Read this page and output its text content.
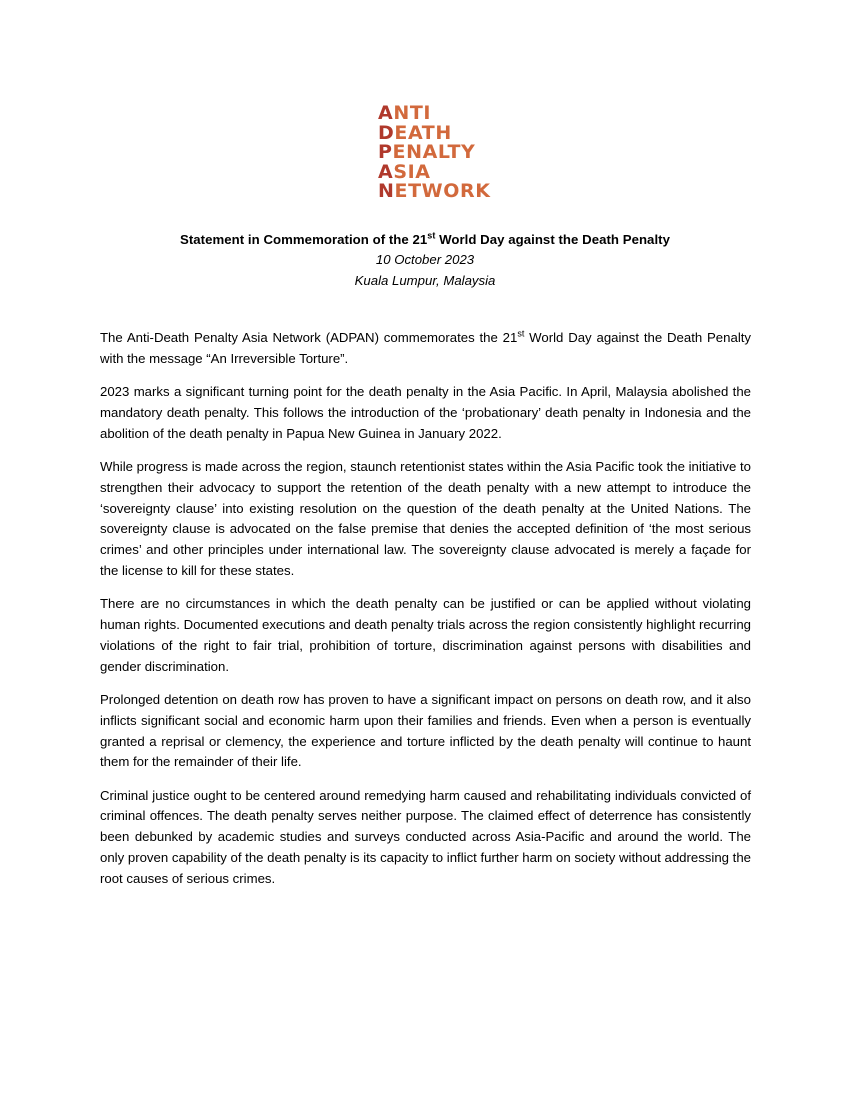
ANTI
DEATH
PENALTY
ASIA
NETWORK
Statement in Commemoration of the 21st World Day against the Death Penalty
10 October 2023
Kuala Lumpur, Malaysia

The Anti-Death Penalty Asia Network (ADPAN) commemorates the 21st World Day against the Death Penalty with the message “An Irreversible Torture”.

2023 marks a significant turning point for the death penalty in the Asia Pacific. In April, Malaysia abolished the mandatory death penalty. This follows the introduction of the ‘probationary’ death penalty in Indonesia and the abolition of the death penalty in Papua New Guinea in January 2022.

While progress is made across the region, staunch retentionist states within the Asia Pacific took the initiative to strengthen their advocacy to support the retention of the death penalty with a new attempt to introduce the ‘sovereignty clause’ into existing resolution on the question of the death penalty at the United Nations. The sovereignty clause is advocated on the false premise that denies the accepted definition of ‘the most serious crimes’ and other principles under international law. The sovereignty clause advocated is merely a façade for the license to kill for these states.

There are no circumstances in which the death penalty can be justified or can be applied without violating human rights. Documented executions and death penalty trials across the region consistently highlight recurring violations of the right to fair trial, prohibition of torture, discrimination against persons with disabilities and gender discrimination.

Prolonged detention on death row has proven to have a significant impact on persons on death row, and it also inflicts significant social and economic harm upon their families and friends. Even when a person is eventually granted a reprisal or clemency, the experience and torture inflicted by the death penalty will continue to haunt them for the remainder of their life.

Criminal justice ought to be centered around remedying harm caused and rehabilitating individuals convicted of criminal offences. The death penalty serves neither purpose. The claimed effect of deterrence has consistently been debunked by academic studies and surveys conducted across Asia-Pacific and around the world. The only proven capability of the death penalty is its capacity to inflict further harm on society without addressing the root causes of serious crimes.
